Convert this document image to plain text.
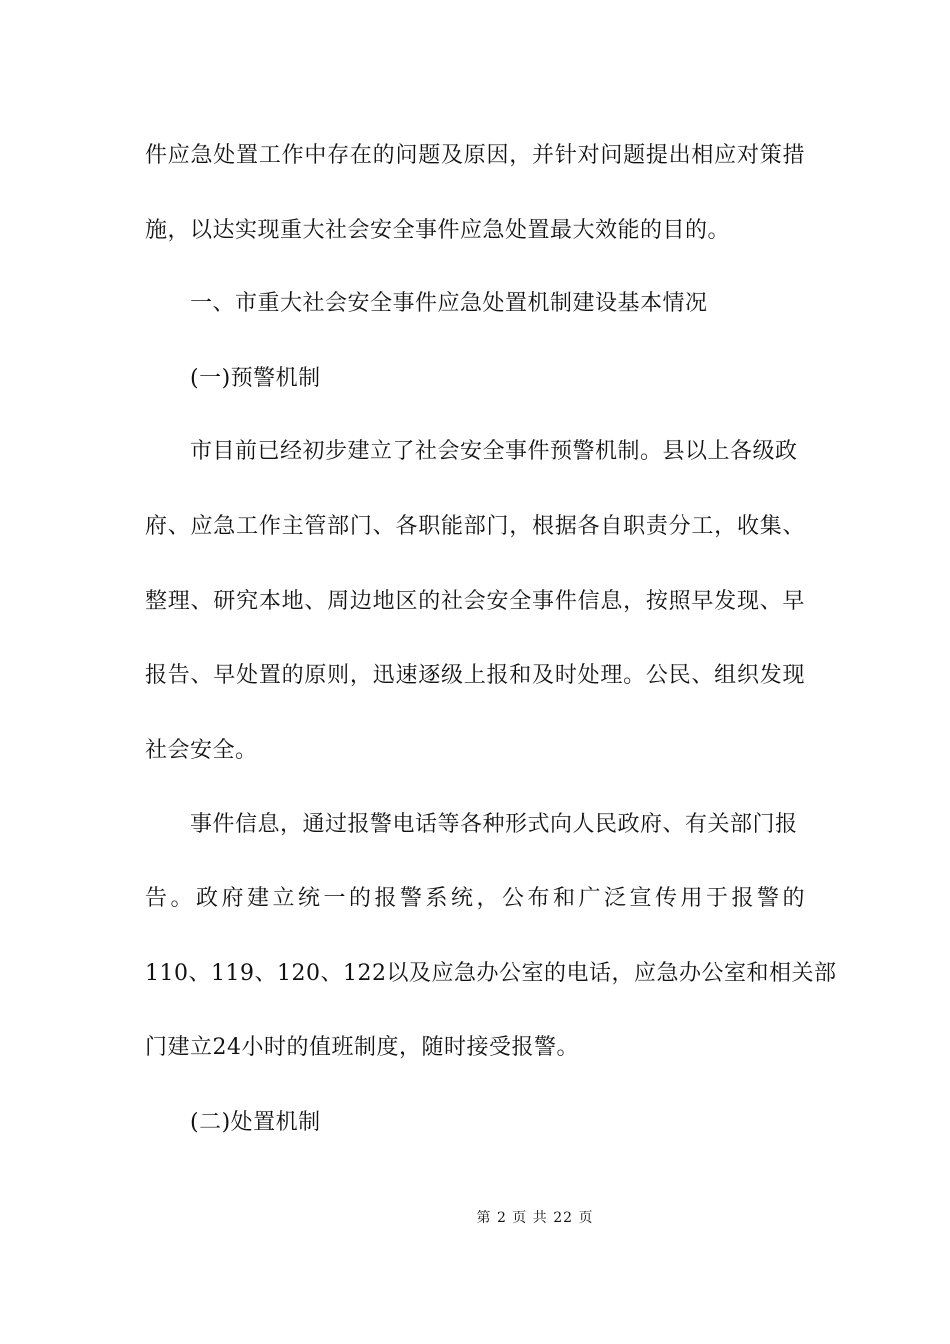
件应急处置工作中存在的问题及原因，并针对问题提出相应对策措
施，以达实现重大社会安全事件应急处置最大效能的目的。
一、市重大社会安全事件应急处置机制建设基本情况
(一)预警机制
市目前已经初步建立了社会安全事件预警机制。县以上各级政
府、应急工作主管部门、各职能部门，根据各自职责分工，收集、
整理、研究本地、周边地区的社会安全事件信息，按照早发现、早
报告、早处置的原则，迅速逐级上报和及时处理。公民、组织发现
社会安全。
事件信息，通过报警电话等各种形式向人民政府、有关部门报
告。政府建立统一的报警系统，公布和广泛宣传用于报警的
110、119、120、122以及应急办公室的电话，应急办公室和相关部
门建立24小时的值班制度，随时接受报警。
(二)处置机制
第 2 页 共 22 页
